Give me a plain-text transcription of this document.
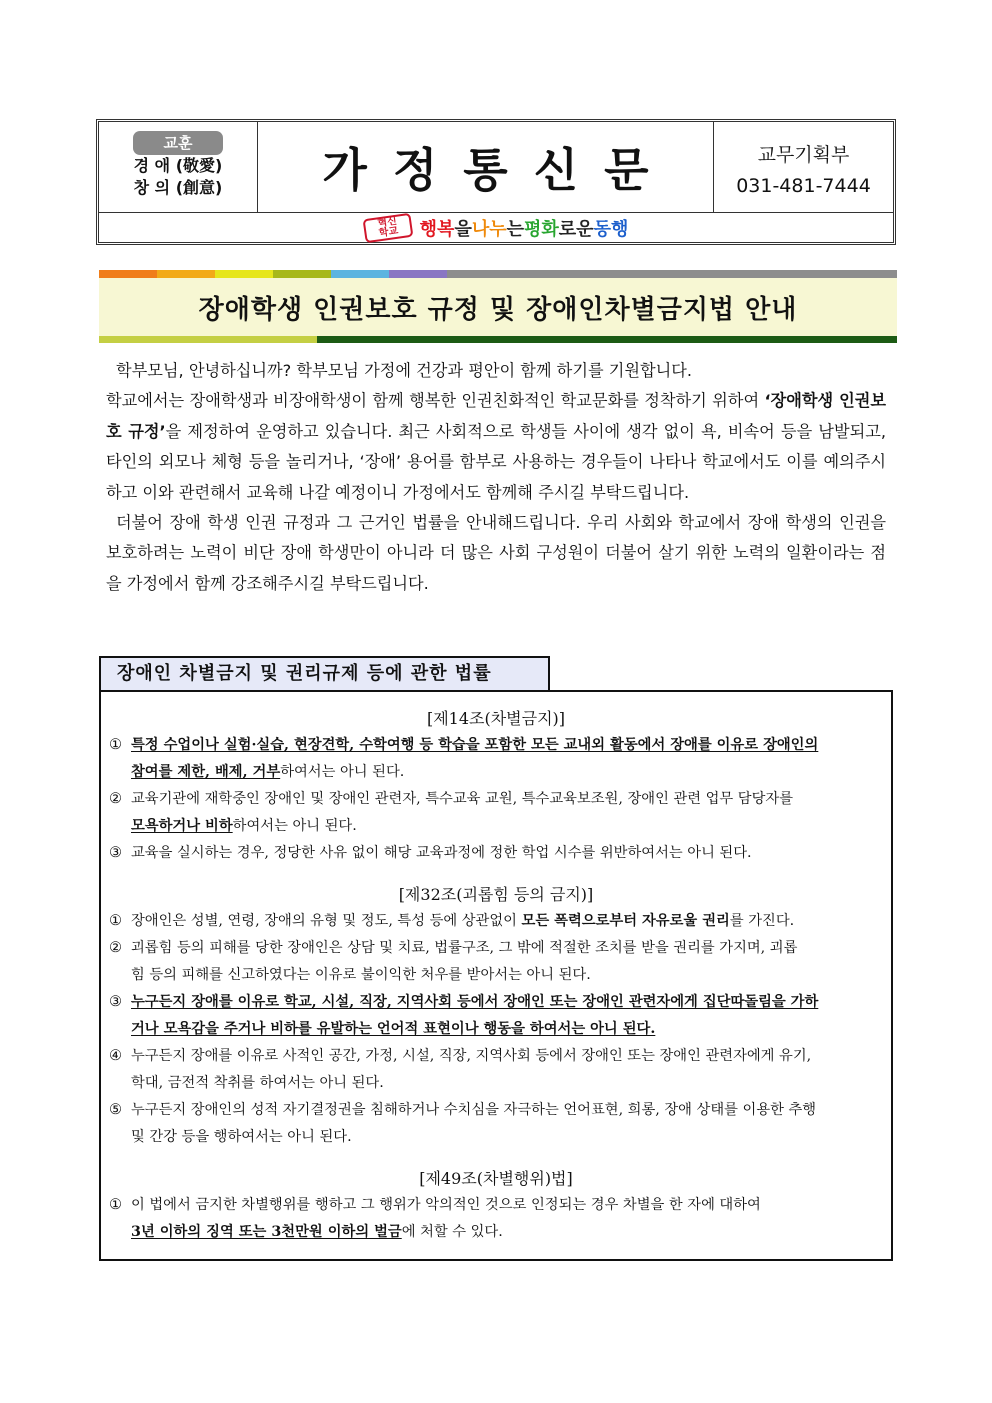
교훈
경 애 (敬愛)
창 의 (創意)	가정통신문	교무기획부
031-481-7444
혁신
학교	행복 을 나누 는 평화 로운 동행
장애학생 인권보호 규정 및 장애인차별금지법 안내

학부모님, 안녕하십니까? 학부모님 가정에 건강과 평안이 함께 하기를 기원합니다.

학교에서는 장애학생과 비장애학생이 함께 행복한 인권친화적인 학교문화를 정착하기 위하여 ‘장애학생 인권보호 규정’을 제정하여 운영하고 있습니다. 최근 사회적으로 학생들 사이에 생각 없이 욕, 비속어 등을 남발되고, 타인의 외모나 체형 등을 놀리거나, ‘장애’ 용어를 함부로 사용하는 경우들이 나타나 학교에서도 이를 예의주시하고 이와 관련해서 교육해 나갈 예정이니 가정에서도 함께해 주시길 부탁드립니다.

더불어 장애 학생 인권 규정과 그 근거인 법률을 안내해드립니다. 우리 사회와 학교에서 장애 학생의 인권을 보호하려는 노력이 비단 장애 학생만이 아니라 더 많은 사회 구성원이 더불어 살기 위한 노력의 일환이라는 점을 가정에서 함께 강조해주시길 부탁드립니다.

장애인 차별금지 및 권리규제 등에 관한 법률
[제14조(차별금지)]
① 특정 수업이나 실험·실습, 현장견학, 수학여행 등 학습을 포함한 모든 교내외 활동에서 장애를 이유로 장애인의
참여를 제한, 배제, 거부하여서는 아니 된다.
② 교육기관에 재학중인 장애인 및 장애인 관련자, 특수교육 교원, 특수교육보조원, 장애인 관련 업무 담당자를
모욕하거나 비하하여서는 아니 된다.
③ 교육을 실시하는 경우, 정당한 사유 없이 해당 교육과정에 정한 학업 시수를 위반하여서는 아니 된다.
[제32조(괴롭힘 등의 금지)]
① 장애인은 성별, 연령, 장애의 유형 및 정도, 특성 등에 상관없이 모든 폭력으로부터 자유로울 권리를 가진다.
② 괴롭힘 등의 피해를 당한 장애인은 상담 및 치료, 법률구조, 그 밖에 적절한 조치를 받을 권리를 가지며, 괴롭
힘 등의 피해를 신고하였다는 이유로 불이익한 처우를 받아서는 아니 된다.
③ 누구든지 장애를 이유로 학교, 시설, 직장, 지역사회 등에서 장애인 또는 장애인 관련자에게 집단따돌림을 가하
거나 모욕감을 주거나 비하를 유발하는 언어적 표현이나 행동을 하여서는 아니 된다.
④ 누구든지 장애를 이유로 사적인 공간, 가정, 시설, 직장, 지역사회 등에서 장애인 또는 장애인 관련자에게 유기,
학대, 금전적 착취를 하여서는 아니 된다.
⑤ 누구든지 장애인의 성적 자기결정권을 침해하거나 수치심을 자극하는 언어표현, 희롱, 장애 상태를 이용한 추행
및 간강 등을 행하여서는 아니 된다.
[제49조(차별행위)법]
① 이 법에서 금지한 차별행위를 행하고 그 행위가 악의적인 것으로 인정되는 경우 차별을 한 자에 대하여
3년 이하의 징역 또는 3천만원 이하의 벌금에 처할 수 있다.
